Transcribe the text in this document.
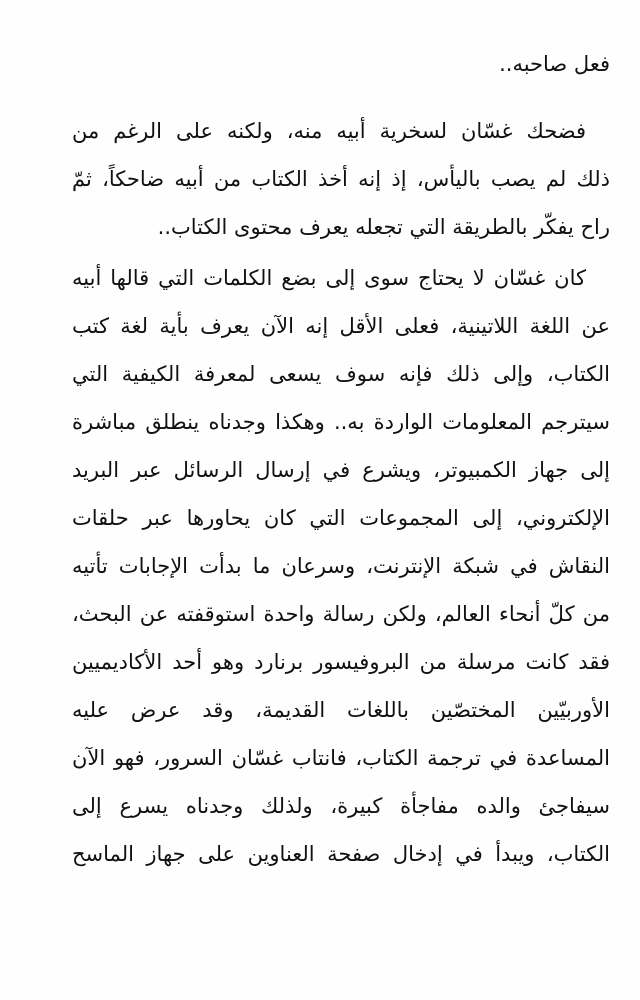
فعل صاحبه..
فضحك غسّان لسخرية أبيه منه، ولكنه على الرغم من
ذلك لم يصب باليأس، إذ إنه أخذ الكتاب من أبيه ضاحكاً، ثمّ
راح يفكّر بالطريقة التي تجعله يعرف محتوى الكتاب..
كان غسّان لا يحتاج سوى إلى بضع الكلمات التي قالها أبيه
عن اللغة اللاتينية، فعلى الأقل إنه الآن يعرف بأية لغة كتب
الكتاب، وإلى ذلك فإنه سوف يسعى لمعرفة الكيفية التي
سيترجم المعلومات الواردة به.. وهكذا وجدناه ينطلق مباشرة
إلى جهاز الكمبيوتر، ويشرع في إرسال الرسائل عبر البريد
الإلكتروني، إلى المجموعات التي كان يحاورها عبر حلقات
النقاش في شبكة الإنترنت، وسرعان ما بدأت الإجابات تأتيه
من كلّ أنحاء العالم، ولكن رسالة واحدة استوقفته عن البحث،
فقد كانت مرسلة من البروفيسور برنارد وهو أحد الأكاديميين
الأوربيّين المختصّين باللغات القديمة، وقد عرض عليه
المساعدة في ترجمة الكتاب، فانتاب غسّان السرور، فهو الآن
سيفاجئ والده مفاجأة كبيرة، ولذلك وجدناه يسرع إلى
الكتاب، ويبدأ في إدخال صفحة العناوين على جهاز الماسح
